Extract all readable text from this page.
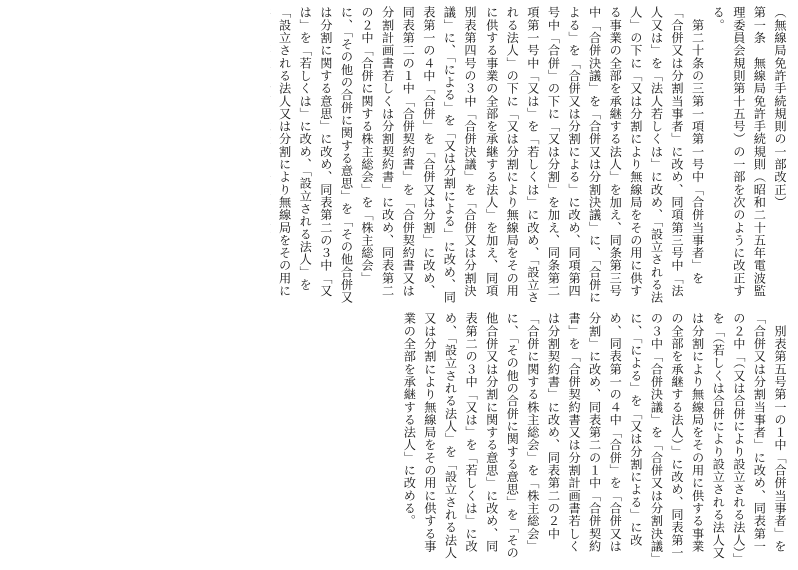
（無線局免許手続規則の一部改正）
第一条　無線局免許手続規則（昭和二十五年電波監理委員会規則第十五号）の一部を次のように改正する。
　第二十条の三第一項第一号中「合併当事者」を「合併又は分割当事者」に改め、同項第三号中「法人又は」を「法人若しくは」に改め、「設立される法人」の下に「又は分割により無線局をその用に供する事業の全部を承継する法人」を加え、同条第三号中「合併決議」を「合併又は分割決議」に、「合併による」を「合併又は分割による」に改め、同項第四号中「合併」の下に「又は分割」を加え、同条第二項第一号中「又は」を「若しくは」に改め、「設立される法人」の下に「又は分割により無線局をその用に供する事業の全部を承継する法人」を加え、同項

別表第四号の３中「合併決議」を「合併又は分割決議」に、「による」を「又は分割による」に改め、同表第一の４中「合併」を「合併又は分割」に改め、同表第二の１中「合併契約書」を「合併契約書又は分割計画書若しくは分割契約書」に改め、同表第二の２中「合併に関する株主総会」を「株主総会」に、「その他の合併に関する意思」を「その他合併又は分割に関する意思」に改め、同表第二の３中「又は」を「若しくは」に改め、「設立される法人」を「設立される法人又は分割により無線局をその用に
　別表第五号第一の１中「合併当事者」を「合併又は分割当事者」に改め、同表第一の２中「（又は合併により設立される法人）」を「（若しくは合併により設立される法人又は分割により無線局をその用に供する事業の全部を承継する法人）」に改め、同表第一の３中「合併決議」を「合併又は分割決議」に、「による」を「又は分割による」に改め、同表第一の４中「合併」を「合併又は分割」に改め、同表第二の１中「合併契約書」を「合併契約書又は分割計画書若しくは分割契約書」に改め、同表第二の２中「合併に関する株主総会」を「株主総会」に、「その他の合併に関する意思」を「その他合併又は分割に関する意思」に改め、同表第二の３中「又は」を「若しくは」に改め、「設立される法人」を「設立される法人又は分割により無線局をその用に供する事業の全部を承継する法人」に改める。
